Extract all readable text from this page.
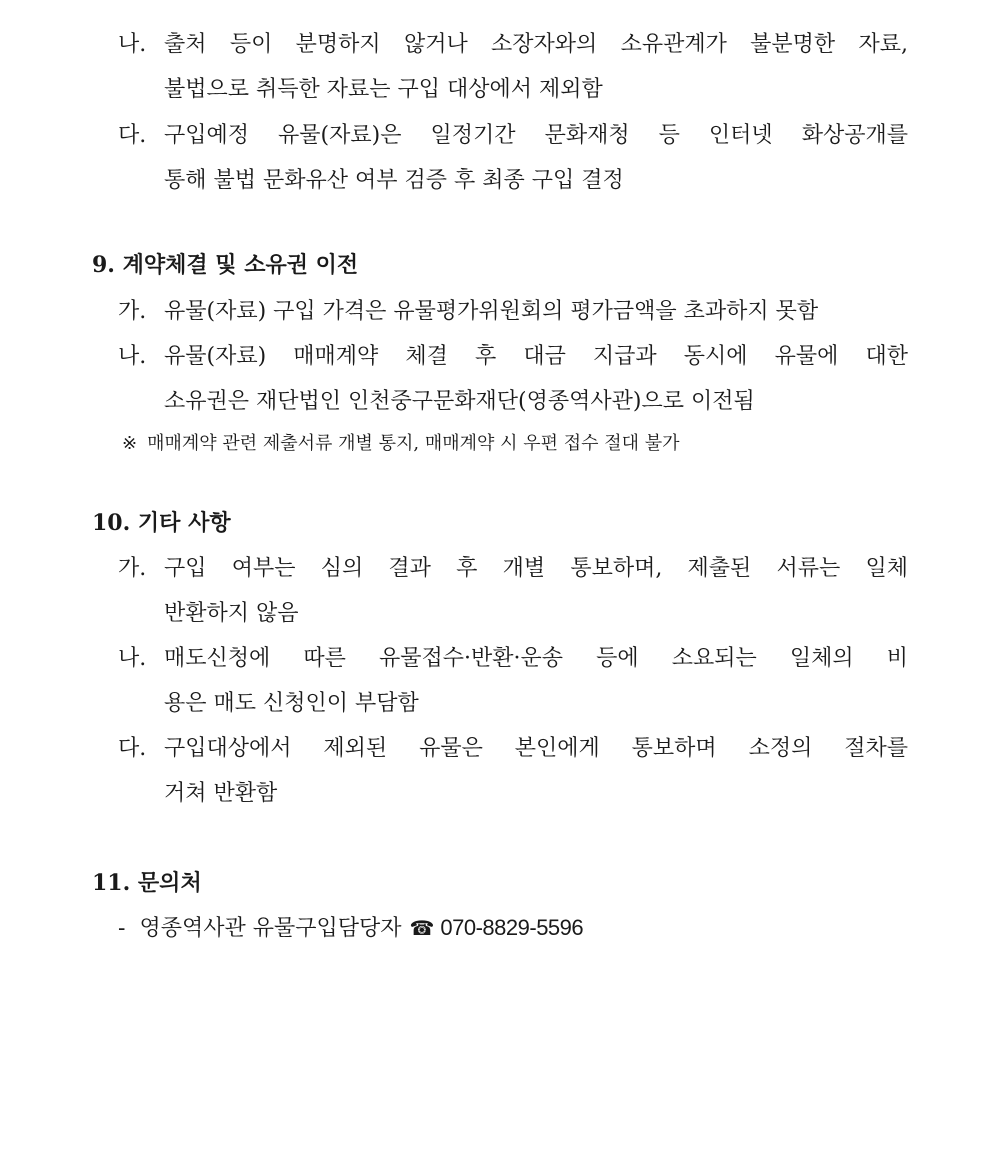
나. 출처 등이 분명하지 않거나 소장자와의 소유관계가 불분명한 자료,
불법으로 취득한 자료는 구입 대상에서 제외함
다. 구입예정 유물(자료)은 일정기간 문화재청 등 인터넷 화상공개를
통해 불법 문화유산 여부 검증 후 최종 구입 결정
9. 계약체결 및 소유권 이전
가. 유물(자료) 구입 가격은 유물평가위원회의 평가금액을 초과하지 못함
나. 유물(자료) 매매계약 체결 후 대금 지급과 동시에 유물에 대한
소유권은 재단법인 인천중구문화재단(영종역사관)으로 이전됨
※ 매매계약 관련 제출서류 개별 통지, 매매계약 시 우편 접수 절대 불가
10. 기타 사항
가. 구입 여부는 심의 결과 후 개별 통보하며, 제출된 서류는 일체
반환하지 않음
나. 매도신청에 따른 유물접수·반환·운송 등에 소요되는 일체의 비
용은 매도 신청인이 부담함
다. 구입대상에서 제외된 유물은 본인에게 통보하며 소정의 절차를
거쳐 반환함
11. 문의처
- 영종역사관 유물구입담당자 ☎ 070-8829-5596
